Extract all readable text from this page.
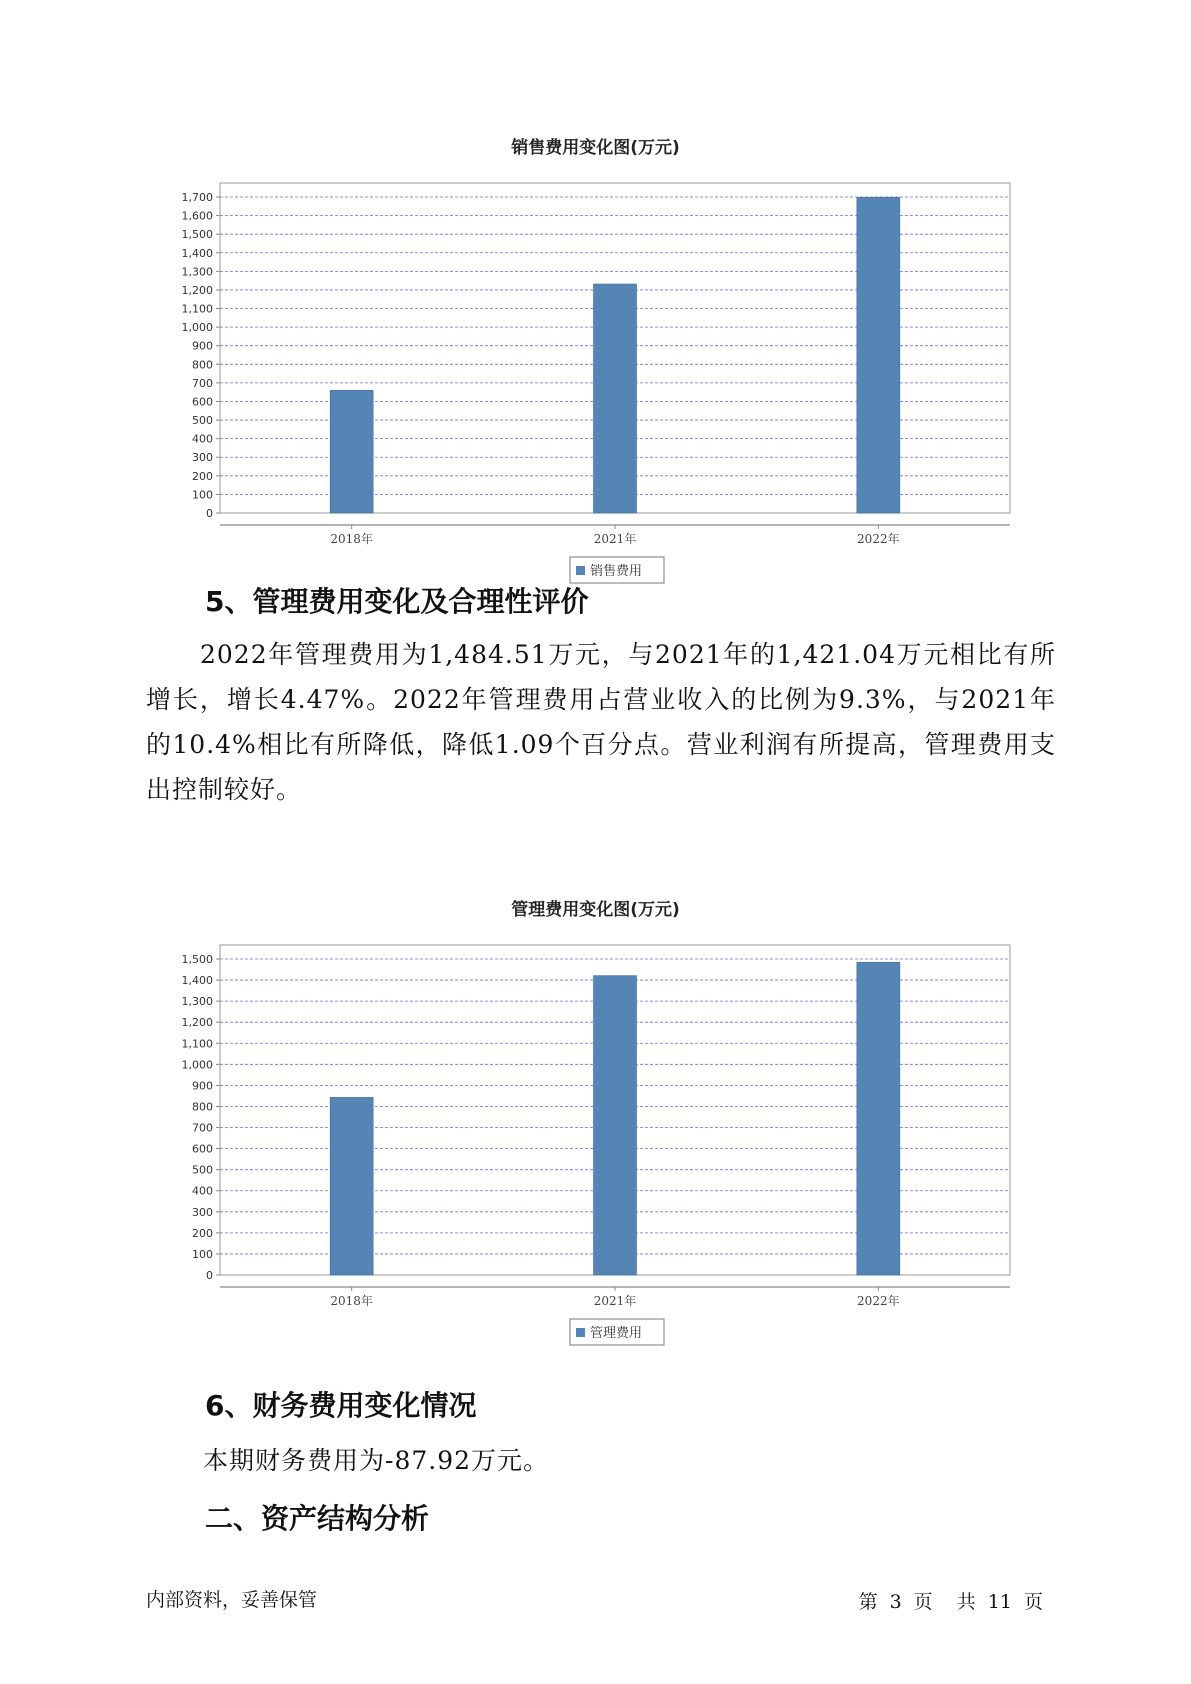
销售费用变化图(万元)
0
100
200
300
400
500
600
700
800
900
1,000
1,100
1,200
1,300
1,400
1,500
1,600
1,700
2018年	2021年	2022年
销售费用
5、管理费用变化及合理性评价
2022年管理费用为1,484.51万元，与2021年的1,421.04万元相比有所增长，增长4.47%。2022年管理费用占营业收入的比例为9.3%，与2021年的10.4%相比有所降低，降低1.09个百分点。营业利润有所提高，管理费用支出控制较好。
管理费用变化图(万元)
0
100
200
300
400
500
600
700
800
900
1,000
1,100
1,200
1,300
1,400
1,500
2018年	2021年	2022年
管理费用
6、财务费用变化情况
本期财务费用为-87.92万元。
二、资产结构分析
内部资料，妥善保管	第 3 页 共 11 页
